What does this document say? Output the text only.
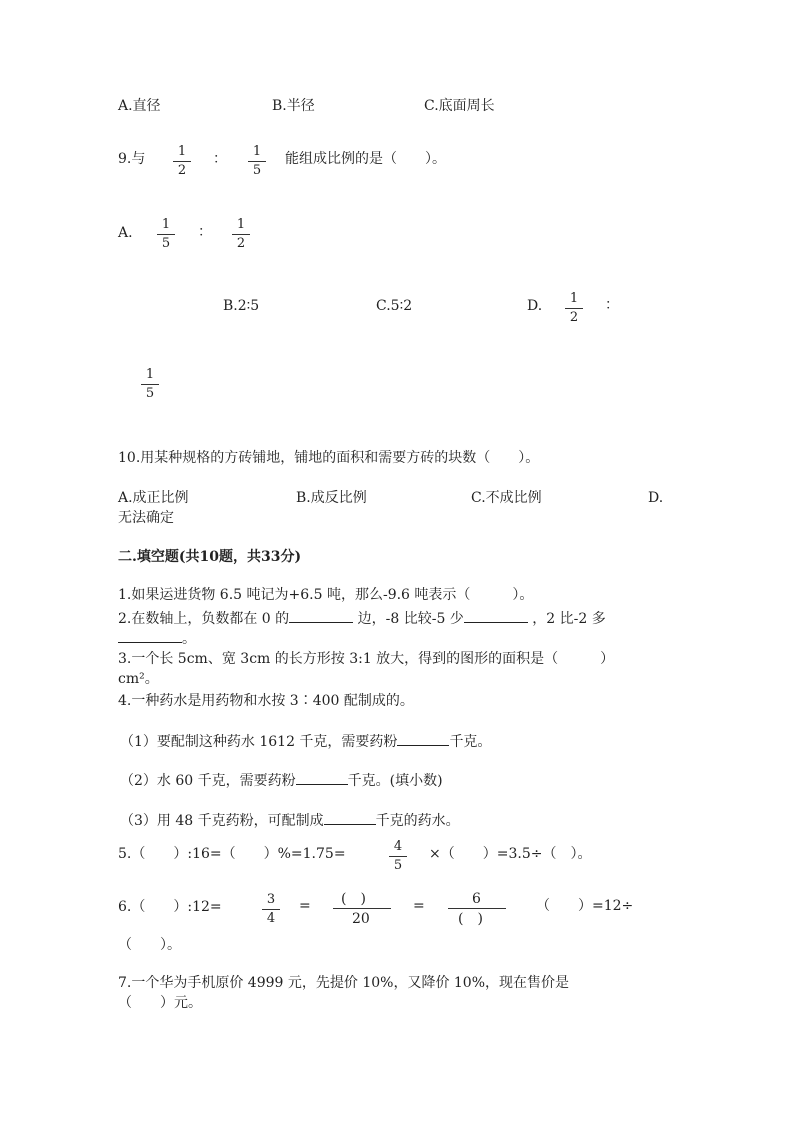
A.直径	B.半径	C.底面周长
9.与	1
2
：	1
5
能组成比例的是（　　）。
A.
1
5
：	1
2
B.2∶5	C.5∶2	D.	1
2
：
1
5
10.用某种规格的方砖铺地，铺地的面积和需要方砖的块数（　　）。
A.成正比例	B.成反比例	C.不成比例	D.
无法确定
二.填空题(共10题，共33分)
1.如果运进货物 6.5 吨记为+6.5 吨，那么-9.6 吨表示（　　　）。
2.在数轴上，负数都在 0 的	边，-8 比较-5 少	，2 比-2 多
。
3.一个长 5cm、宽 3cm 的长方形按 3:1 放大，得到的图形的面积是（　　　）
cm²。
4.一种药水是用药物和水按 3∶400 配制成的。
（1）要配制这种药水 1612 千克，需要药粉	千克。
（2）水 60 千克，需要药粉	千克。(填小数)
（3）用 48 千克药粉，可配制成	千克的药水。
5.（　　）:16=（　　）%=1.75=	4
5
×（　　）=3.5÷（　）。
6.（　　）:12=	3
4
= (　)
20
=	6
(　)
（　　）=12÷
（　　）。
7.一个华为手机原价 4999 元，先提价 10%，又降价 10%，现在售价是
（　　）元。
